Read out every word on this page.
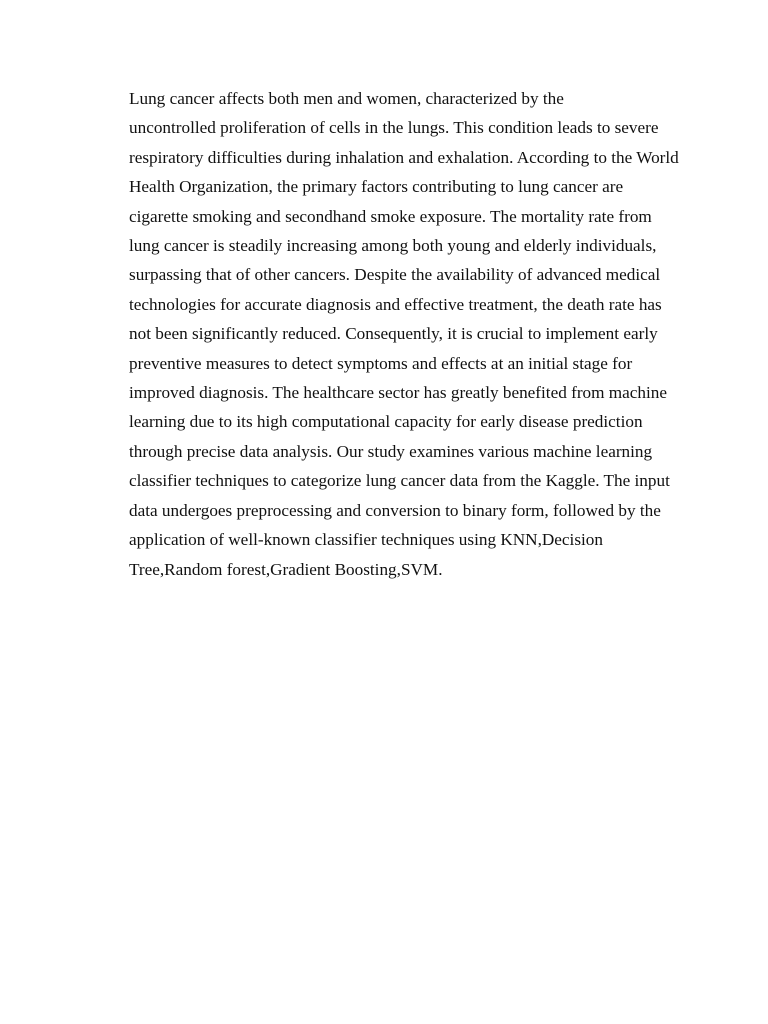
Lung cancer affects both men and women, characterized by the
uncontrolled proliferation of cells in the lungs. This condition leads to severe
respiratory difficulties during inhalation and exhalation. According to the World
Health Organization, the primary factors contributing to lung cancer are
cigarette smoking and secondhand smoke exposure. The mortality rate from
lung cancer is steadily increasing among both young and elderly individuals,
surpassing that of other cancers. Despite the availability of advanced medical
technologies for accurate diagnosis and effective treatment, the death rate has
not been significantly reduced. Consequently, it is crucial to implement early
preventive measures to detect symptoms and effects at an initial stage for
improved diagnosis. The healthcare sector has greatly benefited from machine
learning due to its high computational capacity for early disease prediction
through precise data analysis. Our study examines various machine learning
classifier techniques to categorize lung cancer data from the Kaggle. The input
data undergoes preprocessing and conversion to binary form, followed by the
application of well-known classifier techniques using KNN,Decision
Tree,Random forest,Gradient Boosting,SVM.
